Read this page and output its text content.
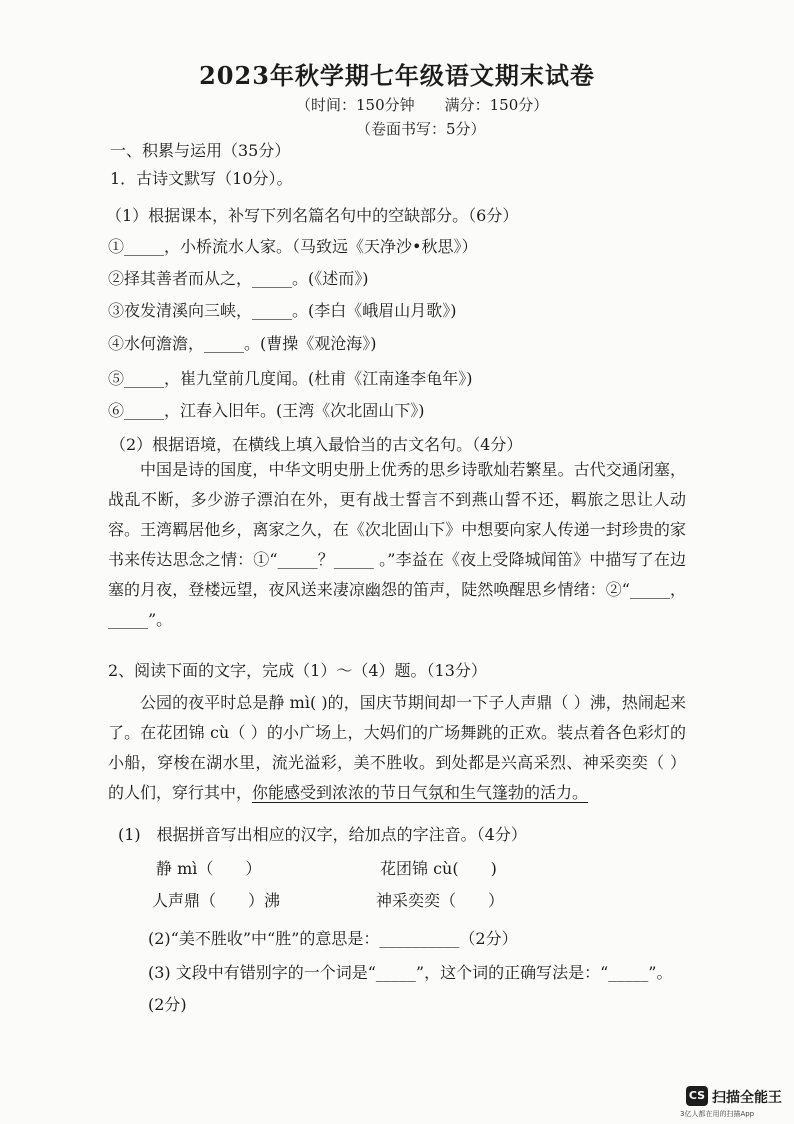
2023年秋学期七年级语文期末试卷
（时间：150分钟　　满分：150分）
（卷面书写：5分）
一、积累与运用（35分）
1．古诗文默写（10分）。
（1）根据课本，补写下列名篇名句中的空缺部分。（6分）
①_____，小桥流水人家。（马致远《天净沙•秋思》）
②择其善者而从之，_____。(《述而》)
③夜发清溪向三峡，_____。(李白《峨眉山月歌》)
④水何澹澹，_____。(曹操《观沧海》)
⑤_____，崔九堂前几度闻。(杜甫《江南逢李龟年》)
⑥_____，江春入旧年。(王湾《次北固山下》)
（2）根据语境，在横线上填入最恰当的古文名句。（4分）
中国是诗的国度，中华文明史册上优秀的思乡诗歌灿若繁星。古代交通闭塞，战乱不断，多少游子漂泊在外，更有战士誓言不到燕山誓不还，羁旅之思让人动容。王湾羁居他乡，离家之久，在《次北固山下》中想要向家人传递一封珍贵的家书来传达思念之情：①“_____？_____ 。”李益在《夜上受降城闻笛》中描写了在边塞的月夜，登楼远望，夜风送来凄凉幽怨的笛声，陡然唤醒思乡情绪：②“_____，_____”。
2、阅读下面的文字，完成（1）～（4）题。（13分）
公园的夜平时总是静 mì( )的，国庆节期间却一下子人声鼎（ ）沸，热闹起来了。在花团锦 cù（ ）的小广场上，大妈们的广场舞跳的正欢。装点着各色彩灯的小船，穿梭在湖水里，流光溢彩，美不胜收。到处都是兴高采烈、神采奕奕（ ）的人们，穿行其中，你能感受到浓浓的节日气氛和生气篷勃的活力。
(1)　根据拼音写出相应的汉字，给加点的字注音。（4分）
静 mì（　　）	花团锦 cù(　　)
人声鼎（　　）沸	神采奕奕（　　）
(2)“美不胜收”中“胜”的意思是：__________（2分）
(3) 文段中有错别字的一个词是“_____”，这个词的正确写法是：“_____”。
(2分)
CS 扫描全能王
3亿人都在用的扫描App
